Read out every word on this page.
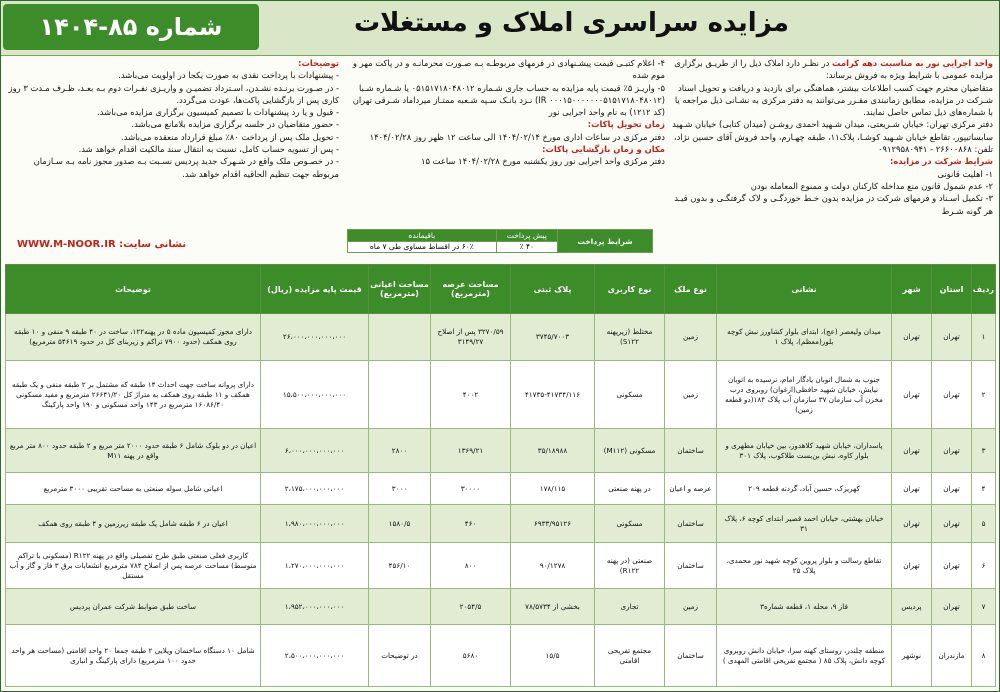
مزایده سراسری املاک و مستغلات
شماره ۸۵-۱۴۰۴

واحد اجرایی نور به مناسبت دهه کرامت در نظـر دارد املاک ذیل را از طریـق برگزاری مزایده عمومی با شرایط ویژه به فروش برساند:

متقاضیان محترم جهت کسب اطلاعات بیشتر، هماهنگی برای بازدید و دریافت و تحویل اسناد شـرکت در مزایده، مطابق زمانبندی مقـرر می‌توانند به دفتر مرکزی به نشـانی ذیل مراجعه یا با شماره‌های ذیل تماس حاصل نمایند.

دفتر مرکزی تهران: خیابان شـریعتی، میدان شـهید احمدی روشـن (میدان کتابی) خیابان شـهید سابساتیپور، تقاطع خیابان شـهید کوشـا، پلاک۱۱، طبقه چهـارم، واحد فروش آقای حسین نژاد، تلفن: ۲۶۶۰۰۸۶۸ - ۰۹۱۲۹۵۸۰۹۴۱

شرایط شرکت در مزایده:

۱- اهلیت قانونی

۲- عدم شمول قانون منع مداخله کارکنان دولت و ممنوع المعامله بودن

۳- تکمیل اسـناد و فرمهای شرکت در مزایده بدون خـط خوردگـی و لاک گرفتگـی و بدون قیـد هر گونه شـرط

۴- اعلام کتبـی قیمت پیشـنهادی در فرمهای مربوطـه بـه صـورت محرمانـه و در پاکت مهر و موم شده

۵- واریـز ۵٪ قیمت پایه مزایده به حساب جاری شـماره ۰۵۱۵۱۷۱۸۰۴۸۰۱۲ یا شـماره شـبا (IR ۰۰۰۱۵۰۰۰۰۰۰۰۵۱۵۱۷۱۸۰۴۸۰۱۲) نـزد بانـک سـپه شـعبه ممتـاز میرداماد شـرقی تهران (کد ۱۲۱۲) به نام واحد اجرایی نور

زمان تحویل پاکات:

دفتر مرکزی در ساعات اداری مورخ ۱۴۰۴/۰۲/۱۴ الی ساعت ۱۲ ظهر روز ۱۴۰۴/۰۲/۲۸

مکان و زمان بازگشایی پاکات:

دفتر مرکزی واحد اجرایی نور روز یکشنبه مورخ ۱۴۰۴/۰۲/۲۸ ساعت ۱۵

توضیحات:

- پیشنهادات با پرداخت نقدی به صورت یکجا در اولویت می‌باشد.

- در صـورت برنـده نشـدن، اسـترداد تضمیـن و واریـزی نفـرات دوم بـه بعـد، ظـرف مـدت ۳ روز کاری پس از بازگشایی پاکت‌ها، عودت می‌گردد.

- قبول و یا رد پیشنهادات با تصمیم کمیسیون برگزاری مزایده می‌باشد.

- حضور متقاضیان در جلسه برگزاری مزایده بلامانع می‌باشد.

- تحویل ملک پس از پرداخت ۸۰٪ مبلغ قرارداد منعقده می‌باشد.

- پس از تسویه حساب کامل، نسبت به انتقال سند مالکیت اقدام خواهد شد.

- در خصـوص ملک واقع در شـهرک جدید پردیس نسـبت بـه صدور مجوز نامه بـه سـازمان مربوطه جهت تنظیم الحاقیه اقدام خواهد شد.

نشانی سایت: WWW.M-NOOR.IR	شرایط پرداخت	پیش پرداخت	باقیمانده
	۴۰ ٪	۶۰٪ در اقساط مساوی طی ۷ ماه
ردیف	استان	شهر	نشانی	نوع ملک	نوع کاربری	پلاک ثبتی	مساحت عرصه (مترمربع)	مساحت اعیانی (مترمربع)	قیمت پایه مزایده (ریال)	توضیحات
۱	تهران	تهران	میدان ولیعصر (عج)، ابتدای بلوار کشاورز نبش کوچه بلور(معظم)، پلاک ۱	زمین	مختلط (زیرپهنه S۱۲۲)	۳۷۴۵/۷۰۰۳	۳۲۷۰/۵۹ پس از اصلاح ۳۱۴۹/۲۷		۲۶،۰۰۰،۰۰۰،۰۰۰،۰۰۰	دارای مجوز کمیسیون ماده ۵ در پهنه۱۲۲، ساخت در ۴۰ طبقه ۹ منفی و ۱۰ طبقه روی همکف (حدود ۷۹۰۰ تراکم و زیربنای کل در حدود ۵۴۶۱۹ مترمربع)
۲	تهران	تهران	جنوب به شمال اتوبان یادگار امام، نرسیده به اتوبان نیایش، خیابان شهید حافظی(ارغوان) روبروی درب مخزن آب سازمان ۳۷ سازمان آب پلاک ۱۸۴(دو قطعه زمین)	زمین	مسکونی	۴۱۷۳۵-۴۱۷۳۴/۱۱۶	۴۰۰۲		۱۵،۵۰۰،۰۰۰،۰۰۰،۰۰۰	دارای پروانه ساخت جهت احداث ۱۴ طبقه که مشتمل بر ۲ طبقه منفی و یک طبقه همکف و ۱۱ طبقه روی همکف به متراژ کل ۲۶۶۴۱/۲۰ مترمربع و مفید مسکونی ۱۶۰۸۶/۴۰ مترمربع در ۱۴۳ واحد مسکونی و ۱۹۰ واحد پارکینگ
۳	تهران	تهران	پاسداران، خیابان شهید کلاهدوز، بین خیابان مطهری و بلوار کاوه، نبش بن‌بست طلاکوب، پلاک ۳۰۱	ساختمان	مسکونی (M۱۱۲)	۳۵/۱۸۹۸۸	۱۳۶۹/۲۱	۲۸۰۰	۶،۰۰۰،۰۰۰،۰۰۰،۰۰۰	اعیان در دو بلوک شامل ۶ طبقه حدود ۲۰۰۰ متر مربع و ۲ طبقه حدود ۸۰۰ متر مربع واقع در پهنه M۱۱
۴	تهران	تهران	کهریزک، حسین آباد، گردنه قطعه ۲۰۹	عرصه و اعیان	در پهنه صنعتی	۱۷۸/۱۱۵	۳۰۰۰۰	۳۰۰۰	۲،۱۷۵،۰۰۰،۰۰۰،۰۰۰	اعیانی شامل سوله صنعتی به مساحت تقریبی ۳۰۰۰ مترمربع
۵	تهران	تهران	خیابان بهشتی، خیابان احمد قصیر ابتدای کوچه ۶، پلاک ۳۱	ساختمان	مسکونی	۶۹۳۳/۹۵۱۲۶	۴۶۰	۱۵۸۰/۵	۱،۹۸۰،۰۰۰،۰۰۰،۰۰۰	اعیان در ۶ طبقه شامل یک طبقه زیرزمین و ۴ طبقه روی همکف
۶	تهران	تهران	تقاطع رسالت و بلوار پروین کوچه شهید نور محمدی، پلاک ۲۵	ساختمان	صنعتی (در پهنه R۱۲۲)	۹۰/۱۲۷۸	۸۰۰	۴۵۶/۱۰	۱،۲۷۰،۰۰۰،۰۰۰،۰۰۰	کاربری فعلی صنعتی طبق طرح تفصیلی واقع در پهنه R۱۲۲ (مسکونی با تراکم متوسط) مساحت عرصه پس از اصلاح ۷۸۴ مترمربع انشعابات برق ۳ فاز و گاز و آب مستقل
۷	تهران	پردیس	فاز ۹، محله ۱، قطعه شماره۳	زمین	تجاری	بخشی از ۷۸/۵۷۳۴	۲۰۵۴/۵		۱،۹۵۲،۰۰۰،۰۰۰،۰۰۰	ساخت طبق ضوابط شرکت عمران پردیس
۸	مازندران	نوشهر	منطقه چلندر، روستای کهنه سرا، خیابان دانش روبروی کوچه دانش، پلاک ۸۵ ( مجتمع تفریحی اقامتی المهدی )	ساختمان	مجتمع تفریحی اقامتی	۱۵/۵	۵۶۸۰	در توضیحات	۲،۵۰۰،۰۰۰،۰۰۰،۰۰۰	شامل ۱۰ دستگاه ساختمان ویلایی ۲ طبقه جمعا ۲۰ واحد اقامتی (مساحت هر واحد حدود ۱۰۰ مترمربع) دارای پارکینگ و انباری
